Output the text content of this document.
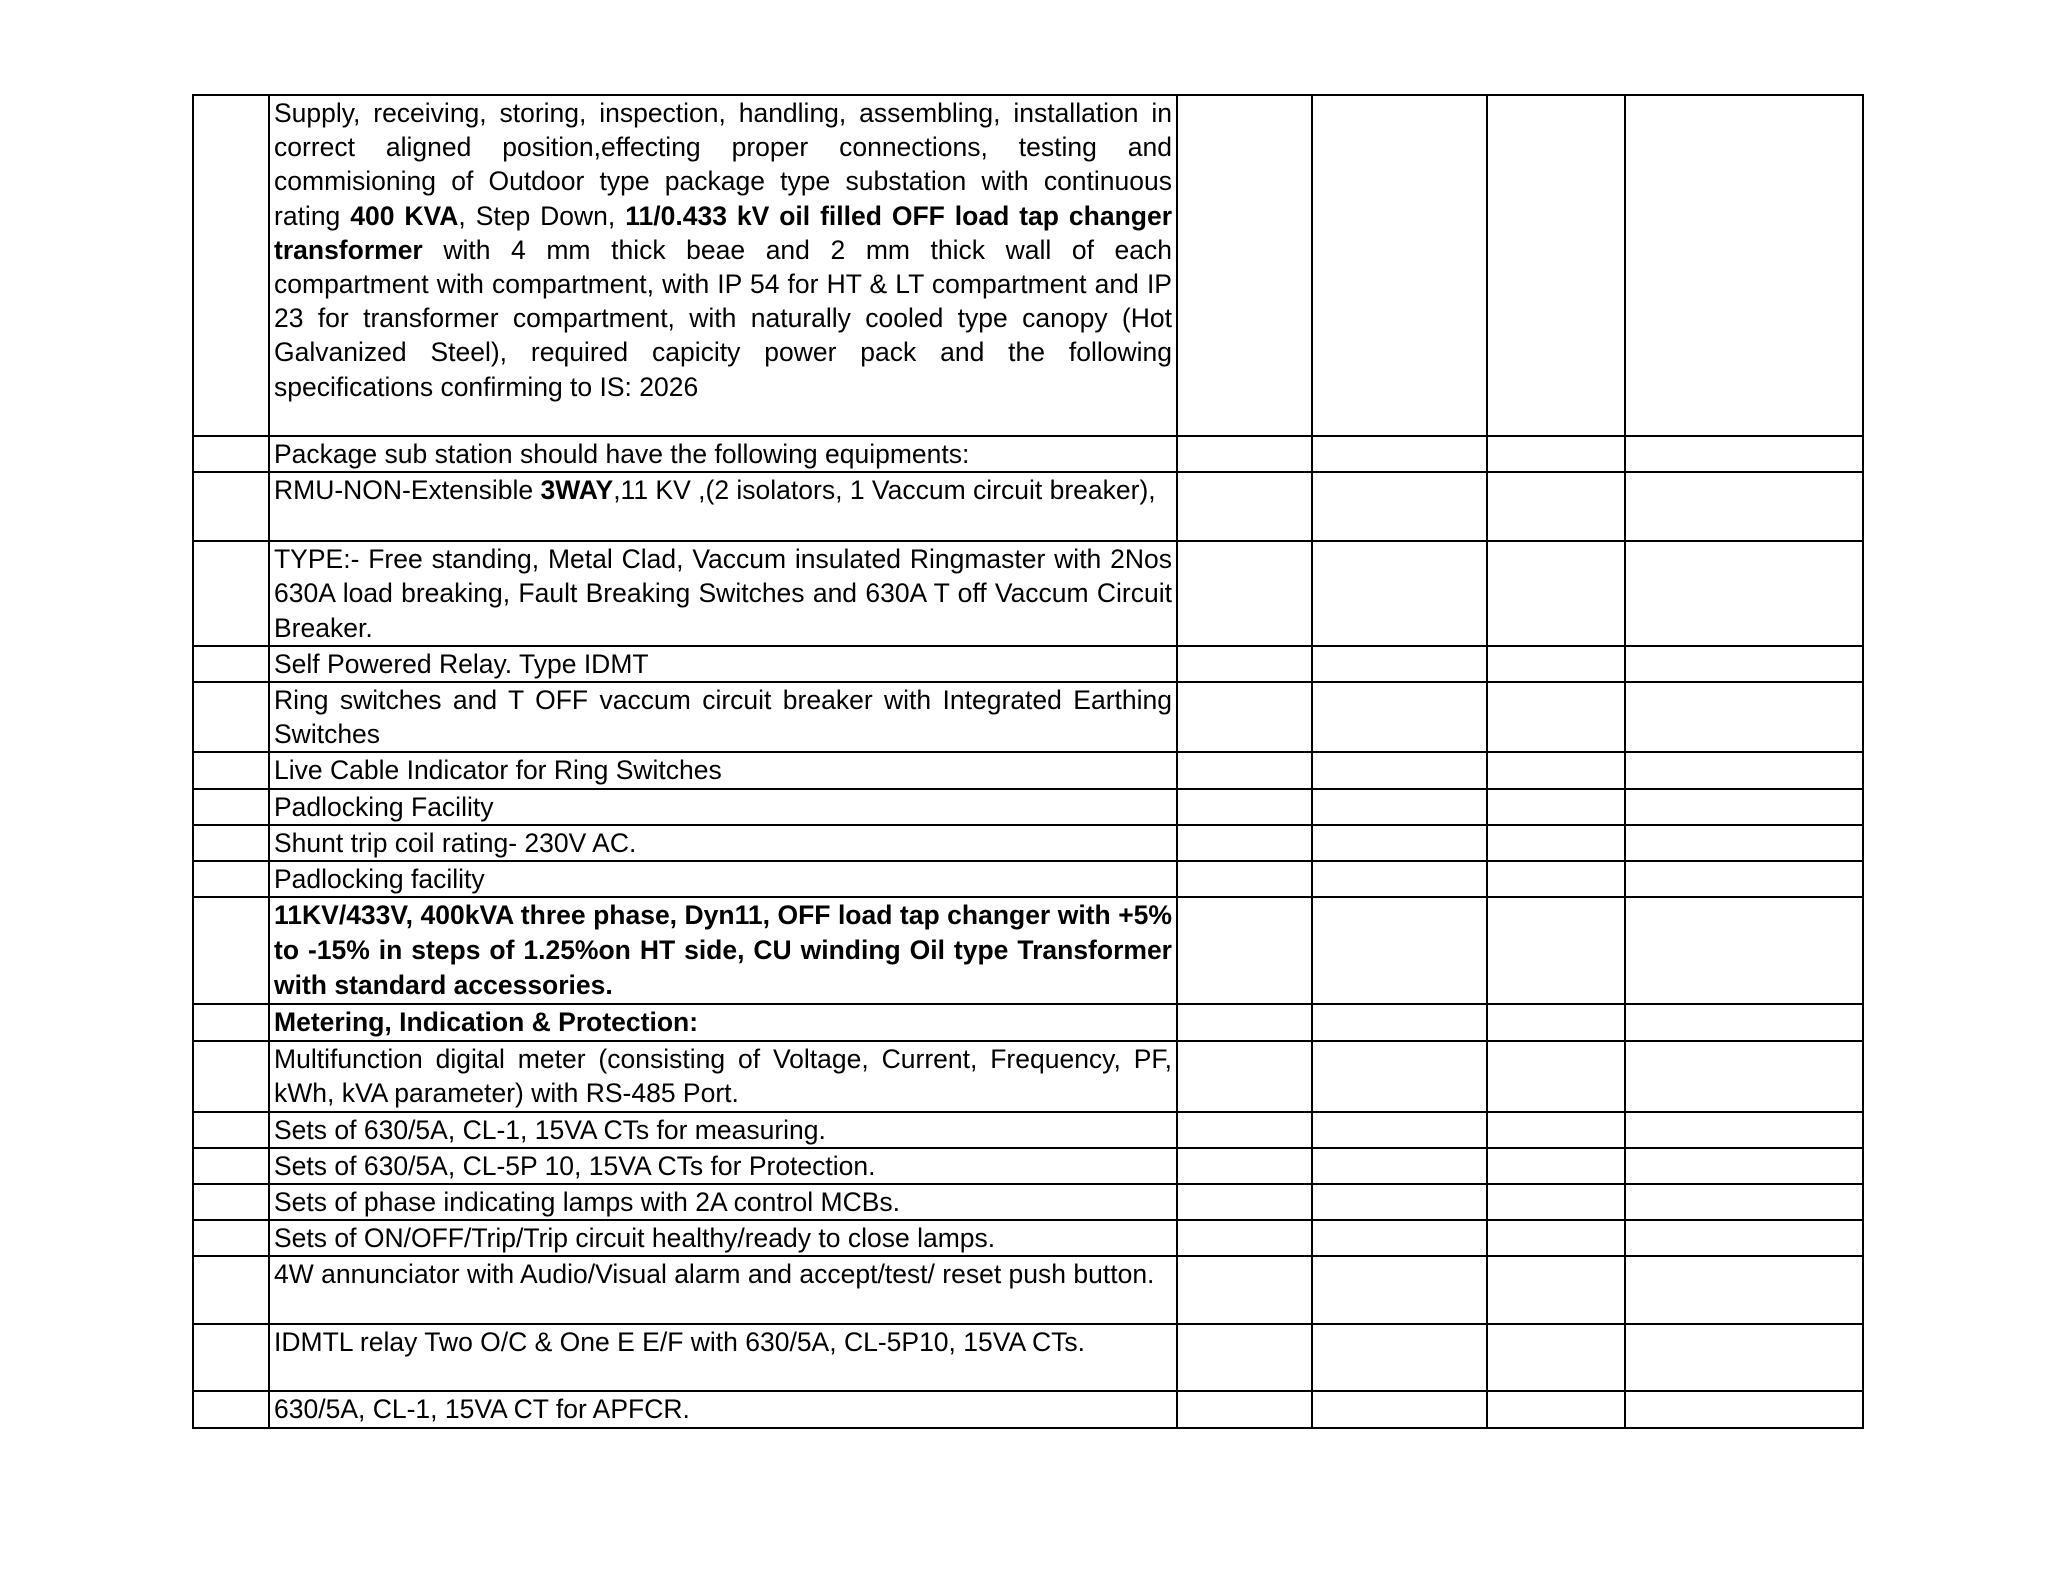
	Supply, receiving, storing, inspection, handling, assembling, installation in correct aligned position,effecting proper connections, testing and commisioning of Outdoor type package type substation with continuous rating 400 KVA, Step Down, 11/0.433 kV oil filled OFF load tap changer transformer with 4 mm thick beae and 2 mm thick wall of each compartment with compartment, with IP 54 for HT & LT compartment and IP 23 for transformer compartment, with naturally cooled type canopy (Hot Galvanized Steel), required capicity power pack and the following specifications confirming to IS: 2026				
	Package sub station should have the following equipments:				
	RMU-NON-Extensible 3WAY,11 KV ,(2 isolators, 1 Vaccum circuit breaker),				
	TYPE:- Free standing, Metal Clad, Vaccum insulated Ringmaster with 2Nos 630A load breaking, Fault Breaking Switches and 630A T off Vaccum Circuit Breaker.				
	Self Powered Relay. Type IDMT				
	Ring switches and T OFF vaccum circuit breaker with Integrated Earthing Switches				
	Live Cable Indicator for Ring Switches				
	Padlocking Facility				
	Shunt trip coil rating- 230V AC.				
	Padlocking facility				
	11KV/433V, 400kVA three phase, Dyn11, OFF load tap changer with +5% to -15% in steps of 1.25%on HT side, CU winding Oil type Transformer with standard accessories.				
	Metering, Indication & Protection:				
	Multifunction digital meter (consisting of Voltage, Current, Frequency, PF, kWh, kVA parameter) with RS-485 Port.				
	Sets of 630/5A, CL-1, 15VA CTs for measuring.				
	Sets of 630/5A, CL-5P 10, 15VA CTs for Protection.				
	Sets of phase indicating lamps with 2A control MCBs.				
	Sets of ON/OFF/Trip/Trip circuit healthy/ready to close lamps.				
	4W annunciator with Audio/Visual alarm and accept/test/ reset push button.				
	IDMTL relay Two O/C & One E E/F with 630/5A, CL-5P10, 15VA CTs.				
	630/5A, CL-1, 15VA CT for APFCR.				
